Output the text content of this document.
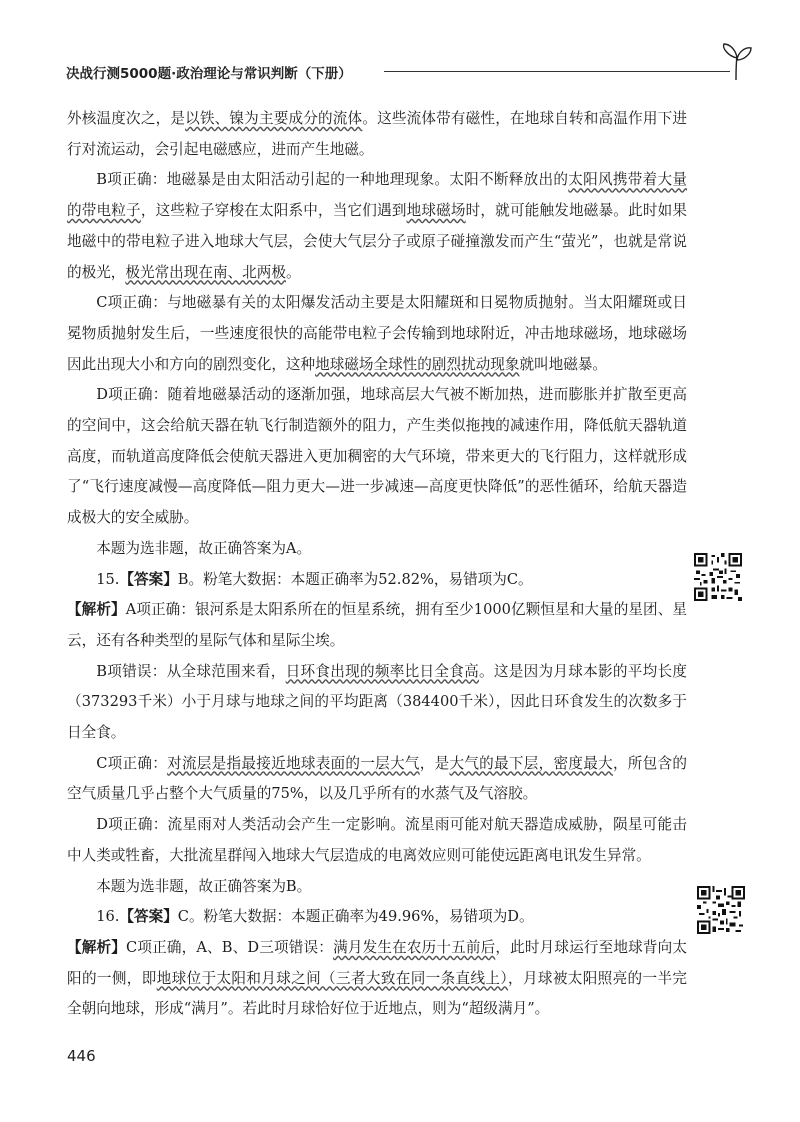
决战行测5000题·政治理论与常识判断（下册）

外核温度次之，是以铁、镍为主要成分的流体。这些流体带有磁性，在地球自转和高温作用下进行对流运动，会引起电磁感应，进而产生地磁。

B项正确：地磁暴是由太阳活动引起的一种地理现象。太阳不断释放出的太阳风携带着大量的带电粒子，这些粒子穿梭在太阳系中，当它们遇到地球磁场时，就可能触发地磁暴。此时如果地磁中的带电粒子进入地球大气层，会使大气层分子或原子碰撞激发而产生“萤光”，也就是常说的极光，极光常出现在南、北两极。

C项正确：与地磁暴有关的太阳爆发活动主要是太阳耀斑和日冕物质抛射。当太阳耀斑或日冕物质抛射发生后，一些速度很快的高能带电粒子会传输到地球附近，冲击地球磁场，地球磁场因此出现大小和方向的剧烈变化，这种地球磁场全球性的剧烈扰动现象就叫地磁暴。

D项正确：随着地磁暴活动的逐渐加强，地球高层大气被不断加热，进而膨胀并扩散至更高的空间中，这会给航天器在轨飞行制造额外的阻力，产生类似拖拽的减速作用，降低航天器轨道高度，而轨道高度降低会使航天器进入更加稠密的大气环境，带来更大的飞行阻力，这样就形成了“飞行速度减慢—高度降低—阻力更大—进一步减速—高度更快降低”的恶性循环，给航天器造成极大的安全威胁。

本题为选非题，故正确答案为A。

15.【答案】B。粉笔大数据：本题正确率为52.82%，易错项为C。

【解析】A项正确：银河系是太阳系所在的恒星系统，拥有至少1000亿颗恒星和大量的星团、星云，还有各种类型的星际气体和星际尘埃。

B项错误：从全球范围来看，日环食出现的频率比日全食高。这是因为月球本影的平均长度（373293千米）小于月球与地球之间的平均距离（384400千米），因此日环食发生的次数多于日全食。

C项正确：对流层是指最接近地球表面的一层大气，是大气的最下层，密度最大，所包含的空气质量几乎占整个大气质量的75%，以及几乎所有的水蒸气及气溶胶。

D项正确：流星雨对人类活动会产生一定影响。流星雨可能对航天器造成威胁，陨星可能击中人类或牲畜，大批流星群闯入地球大气层造成的电离效应则可能使远距离电讯发生异常。

本题为选非题，故正确答案为B。

16.【答案】C。粉笔大数据：本题正确率为49.96%，易错项为D。

【解析】C项正确，A、B、D三项错误：满月发生在农历十五前后，此时月球运行至地球背向太阳的一侧，即地球位于太阳和月球之间（三者大致在同一条直线上），月球被太阳照亮的一半完全朝向地球，形成“满月”。若此时月球恰好位于近地点，则为“超级满月”。

446
